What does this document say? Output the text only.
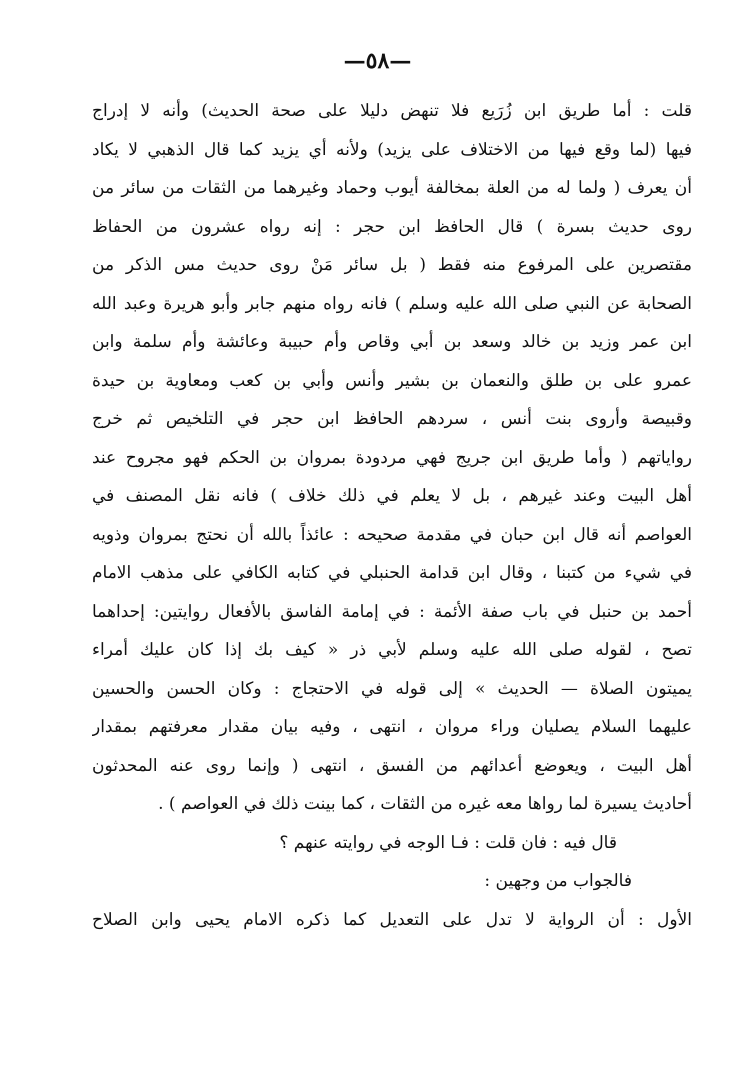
—٥٨—
قلت : أما طريق ابن زُرَيع فلا تنهض دليلا على صحة الحديث) وأنه لا إدراج
فيها (لما وقع فيها من الاختلاف على يزيد) ولأنه أي يزيد كما قال الذهبي لا يكاد
أن يعرف ( ولما له من العلة بمخالفة أيوب وحماد وغيرهما من الثقات من سائر من
روى حديث بسرة ) قال الحافظ ابن حجر : إنه رواه عشرون من الحفاظ
مقتصرين على المرفوع منه فقط ( بل سائر مَنْ روى حديث مس الذكر من
الصحابة عن النبي صلى الله عليه وسلم ) فانه رواه منهم جابر وأبو هريرة وعبد الله
ابن عمر وزيد بن خالد وسعد بن أبي وقاص وأم حبيبة وعائشة وأم سلمة وابن
عمرو على بن طلق والنعمان بن بشير وأنس وأبي بن كعب ومعاوية بن حيدة
وقبيصة وأروى بنت أنس ، سردهم الحافظ ابن حجر في التلخيص ثم خرج
رواياتهم ( وأما طريق ابن جريج فهي مردودة بمروان بن الحكم فهو مجروح عند
أهل البيت وعند غيرهم ، بل لا يعلم في ذلك خلاف ) فانه نقل المصنف في
العواصم أنه قال ابن حبان في مقدمة صحيحه : عائذاً بالله أن نحتج بمروان وذويه
في شيء من كتبنا ، وقال ابن قدامة الحنبلي في كتابه الكافي على مذهب الامام
أحمد بن حنبل في باب صفة الأئمة : في إمامة الفاسق بالأفعال روايتين: إحداهما
تصح ، لقوله صلى الله عليه وسلم لأبي ذر « كيف بك إذا كان عليك أمراء
يميتون الصلاة — الحديث » إلى قوله في الاحتجاج : وكان الحسن والحسين
عليهما السلام يصليان وراء مروان ، انتهى ، وفيه بيان مقدار معرفتهم بمقدار
أهل البيت ، ويعوضع أعدائهم من الفسق ، انتهى ( وإنما روى عنه المحدثون
أحاديث يسيرة لما رواها معه غيره من الثقات ، كما بينت ذلك في العواصم ) .
قال فيه : فان قلت : فـا الوجه في روايته عنهم ؟
فالجواب من وجهين :
الأول : أن الرواية لا تدل على التعديل كما ذكره الامام يحيى وابن الصلاح
